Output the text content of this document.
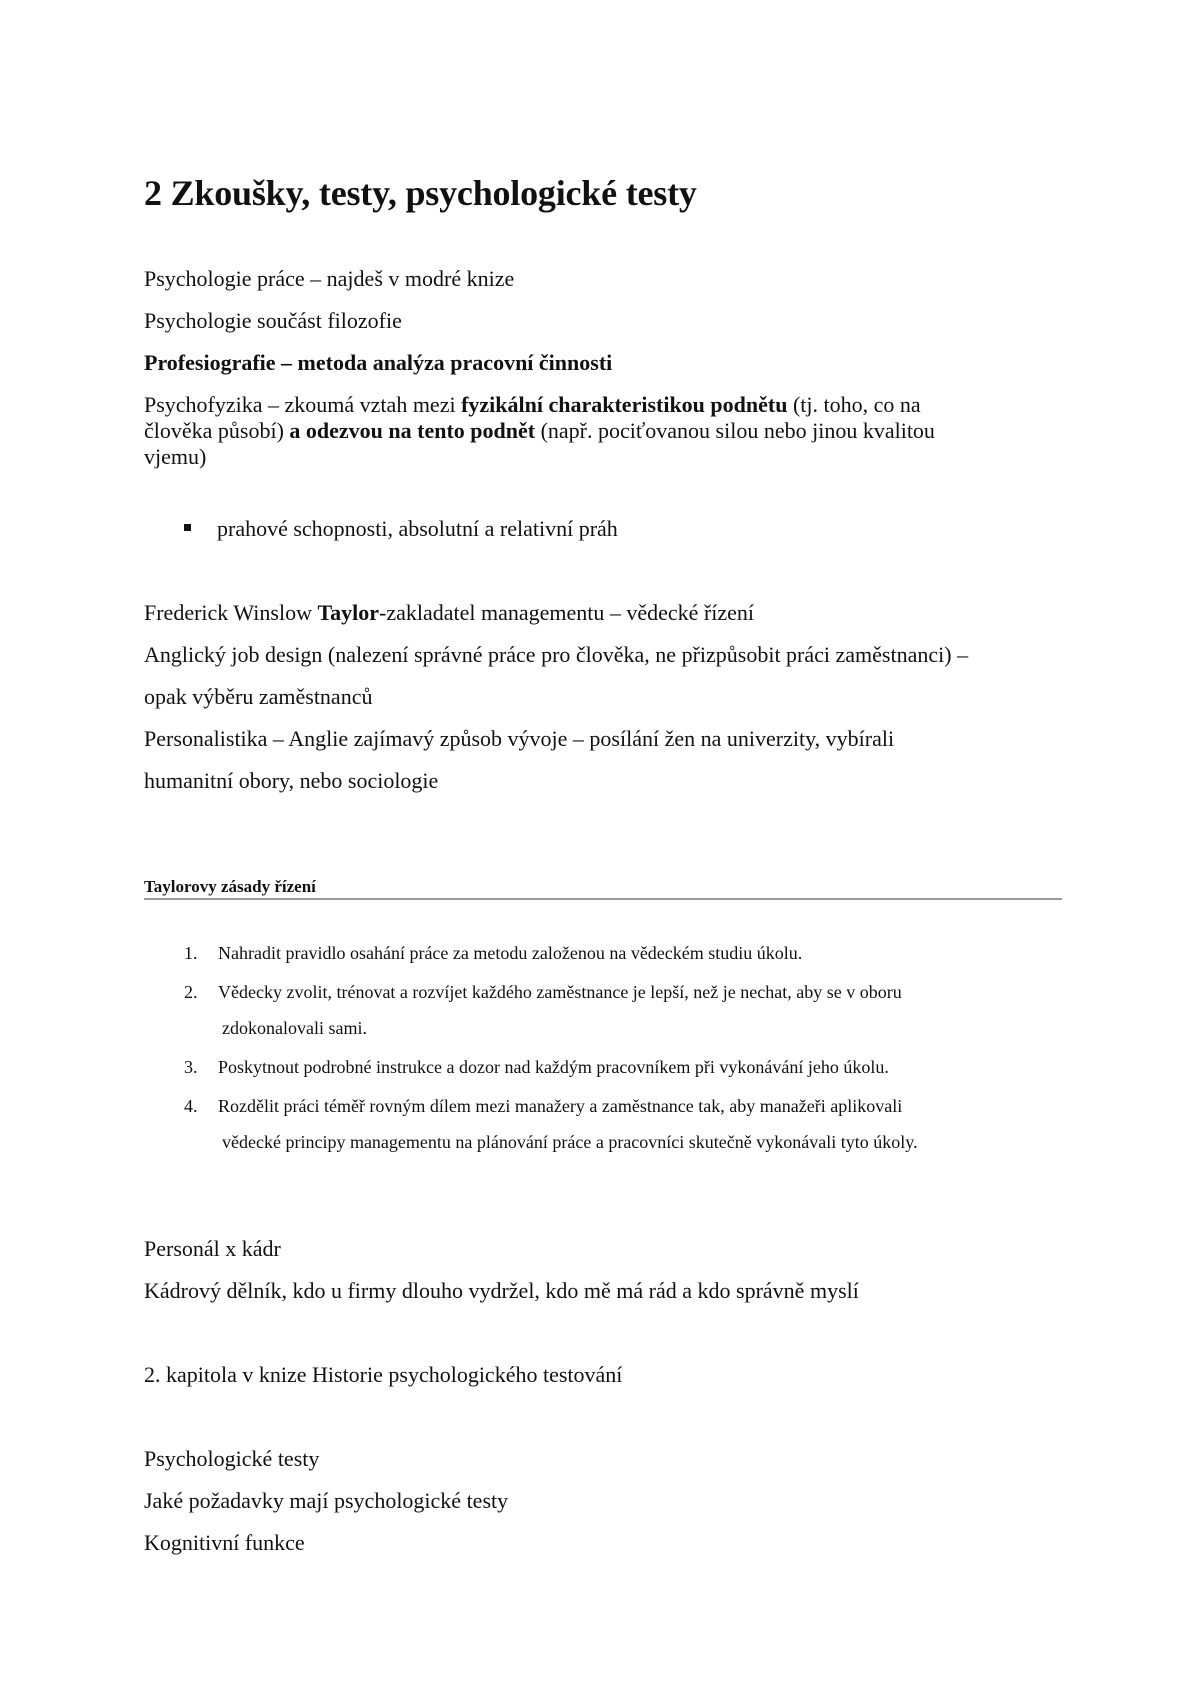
2 Zkoušky, testy, psychologické testy

Psychologie práce – najdeš v modré knize

Psychologie součást filozofie

Profesiografie – metoda analýza pracovní činnosti

Psychofyzika – zkoumá vztah mezi fyzikální charakteristikou podnětu (tj. toho, co na

člověka působí) a odezvou na tento podnět (např. pociťovanou silou nebo jinou kvalitou

vjemu)

prahové schopnosti, absolutní a relativní práh

Frederick Winslow Taylor-zakladatel managementu – vědecké řízení

Anglický job design (nalezení správné práce pro člověka, ne přizpůsobit práci zaměstnanci) –

opak výběru zaměstnanců

Personalistika – Anglie zajímavý způsob vývoje – posílání žen na univerzity, vybírali

humanitní obory, nebo sociologie

Taylorovy zásady řízení
1. Nahradit pravidlo osahání práce za metodu založenou na vědeckém studiu úkolu.

2. Vědecky zvolit, trénovat a rozvíjet každého zaměstnance je lepší, než je nechat, aby se v oboru

zdokonalovali sami.

3. Poskytnout podrobné instrukce a dozor nad každým pracovníkem při vykonávání jeho úkolu.

4. Rozdělit práci téměř rovným dílem mezi manažery a zaměstnance tak, aby manažeři aplikovali

vědecké principy managementu na plánování práce a pracovníci skutečně vykonávali tyto úkoly.

Personál x kádr

Kádrový dělník, kdo u firmy dlouho vydržel, kdo mě má rád a kdo správně myslí

2. kapitola v knize Historie psychologického testování

Psychologické testy

Jaké požadavky mají psychologické testy

Kognitivní funkce
